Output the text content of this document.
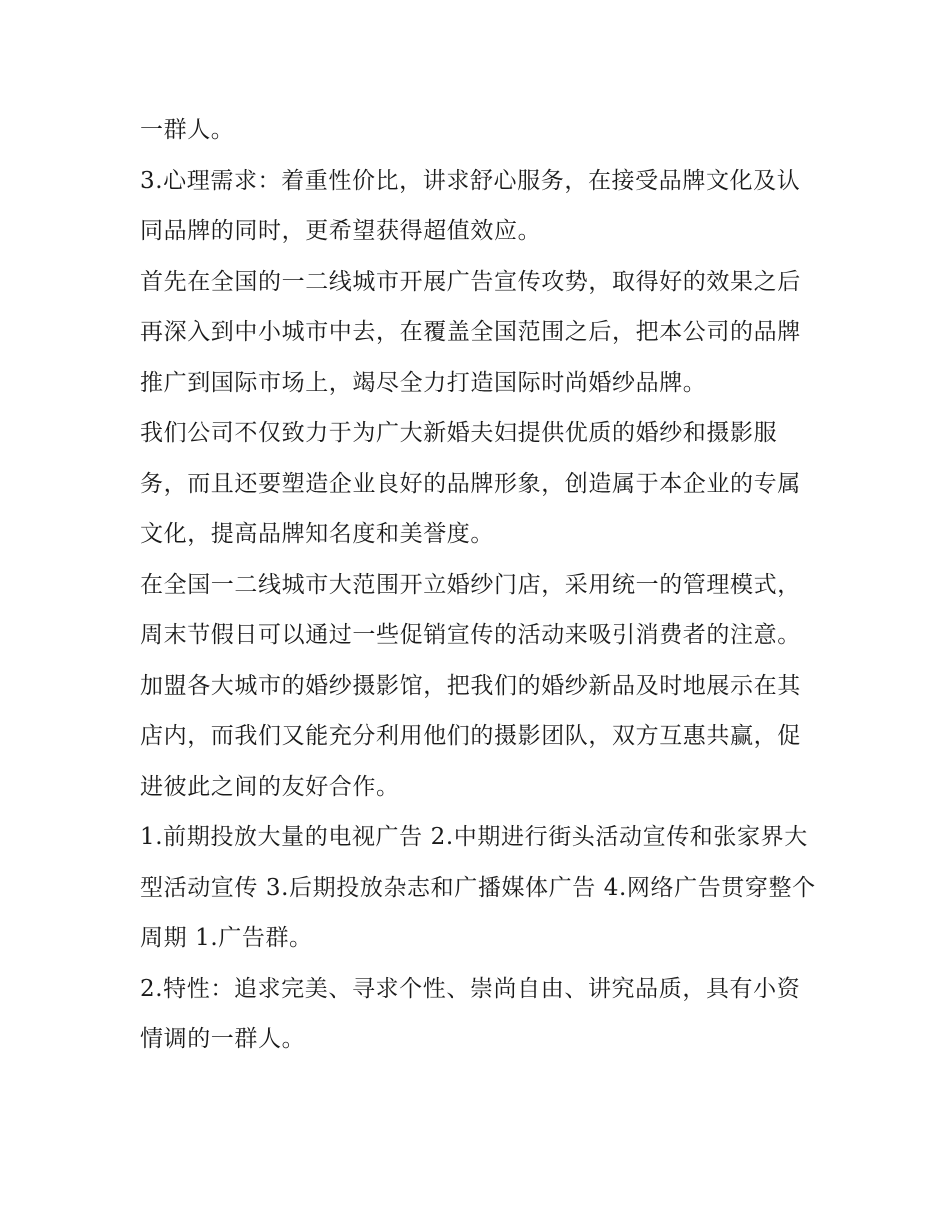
一群人。

3.心理需求：着重性价比，讲求舒心服务，在接受品牌文化及认同品牌的同时，更希望获得超值效应。

首先在全国的一二线城市开展广告宣传攻势，取得好的效果之后再深入到中小城市中去，在覆盖全国范围之后，把本公司的品牌推广到国际市场上，竭尽全力打造国际时尚婚纱品牌。

我们公司不仅致力于为广大新婚夫妇提供优质的婚纱和摄影服务，而且还要塑造企业良好的品牌形象，创造属于本企业的专属文化，提高品牌知名度和美誉度。

在全国一二线城市大范围开立婚纱门店，采用统一的管理模式，周末节假日可以通过一些促销宣传的活动来吸引消费者的注意。

加盟各大城市的婚纱摄影馆，把我们的婚纱新品及时地展示在其店内，而我们又能充分利用他们的摄影团队，双方互惠共赢，促进彼此之间的友好合作。

1.前期投放大量的电视广告 2.中期进行街头活动宣传和张家界大型活动宣传 3.后期投放杂志和广播媒体广告 4.网络广告贯穿整个周期 1.广告群。

2.特性：追求完美、寻求个性、崇尚自由、讲究品质，具有小资情调的一群人。
